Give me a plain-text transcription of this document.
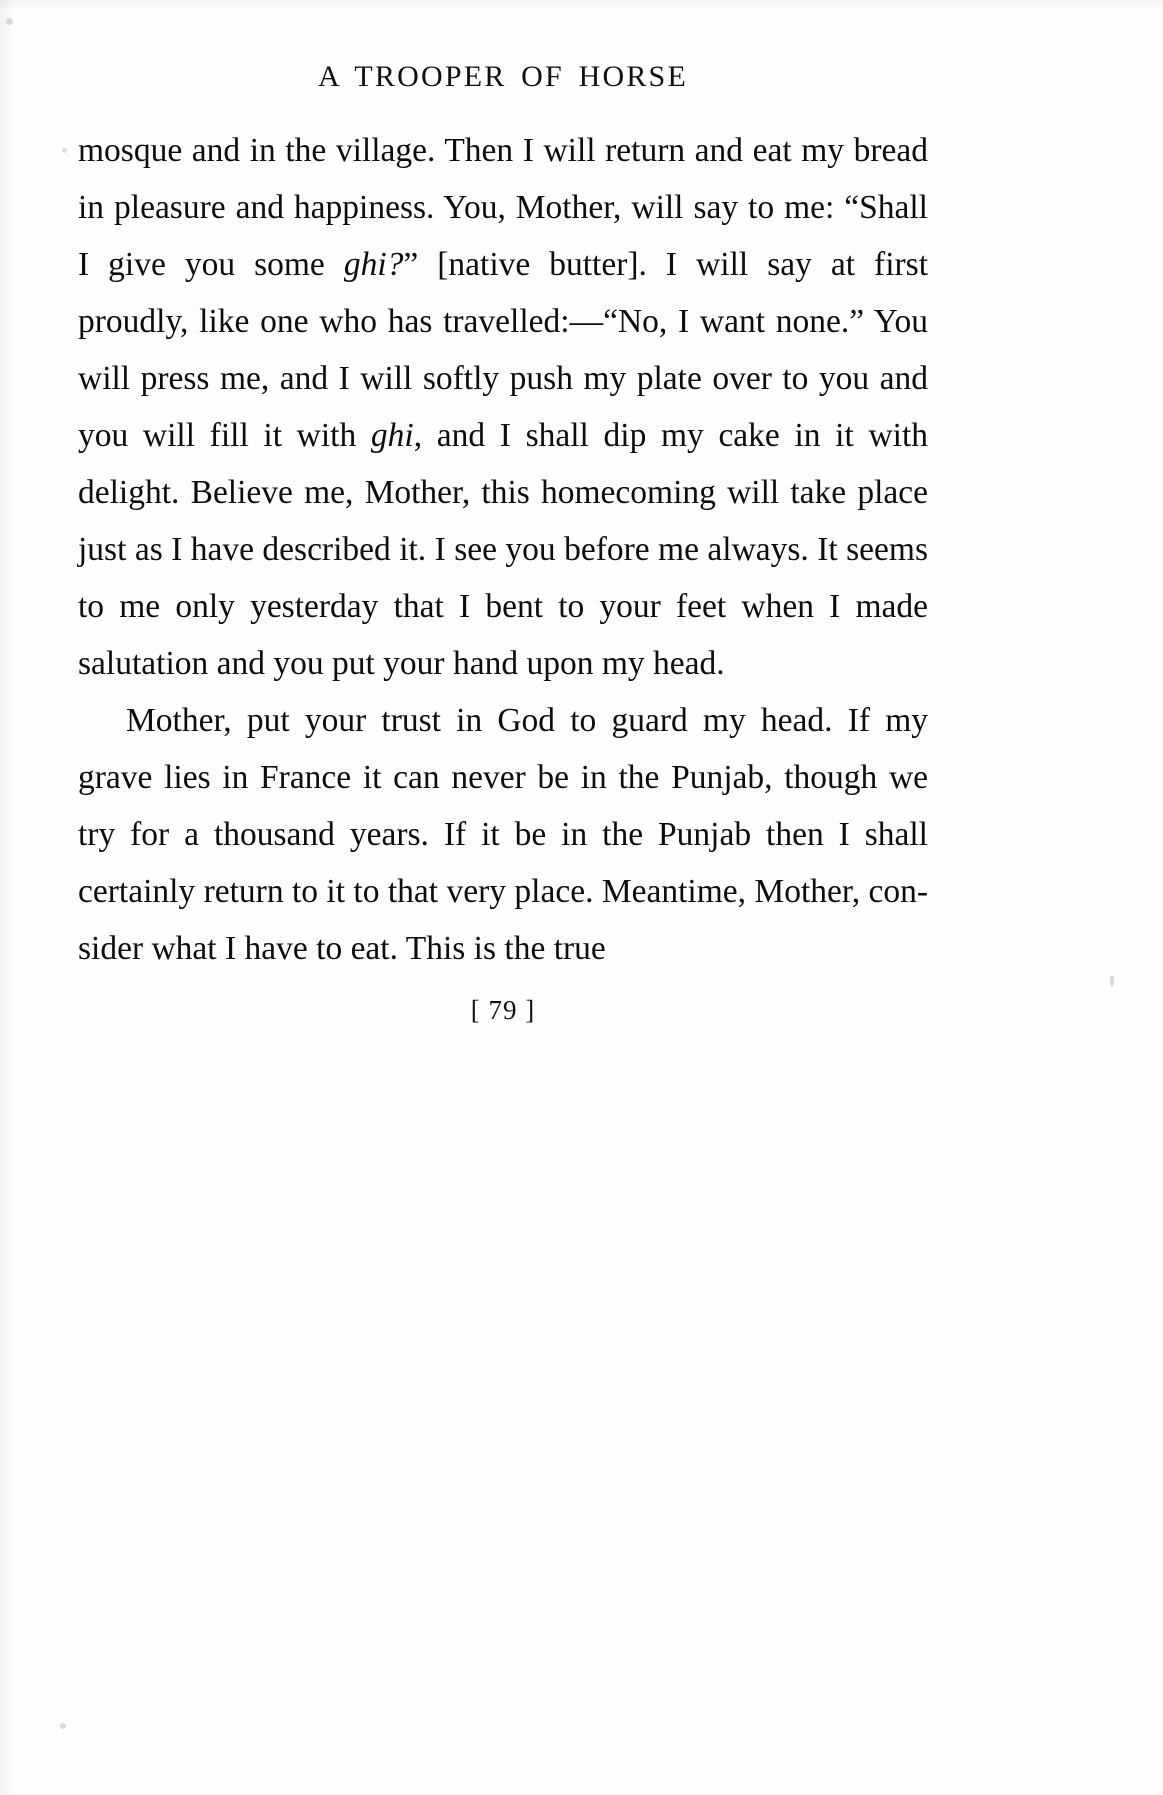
A TROOPER OF HORSE

mosque and in the village. Then I will return and eat my bread in pleasure and happiness. You, Mother, will say to me: “Shall I give you some ghi?” [native butter]. I will say at first proudly, like one who has travelled:—“No, I want none.” You will press me, and I will softly push my plate over to you and you will fill it with ghi, and I shall dip my cake in it with delight. Believe me, Mother, this homecoming will take place just as I have described it. I see you before me always. It seems to me only yesterday that I bent to your feet when I made salutation and you put your hand upon my head.

Mother, put your trust in God to guard my head. If my grave lies in France it can never be in the Punjab, though we try for a thousand years. If it be in the Punjab then I shall certainly return to it to that very place. Meantime, Mother, con-sider what I have to eat. This is the true

[ 79 ]
